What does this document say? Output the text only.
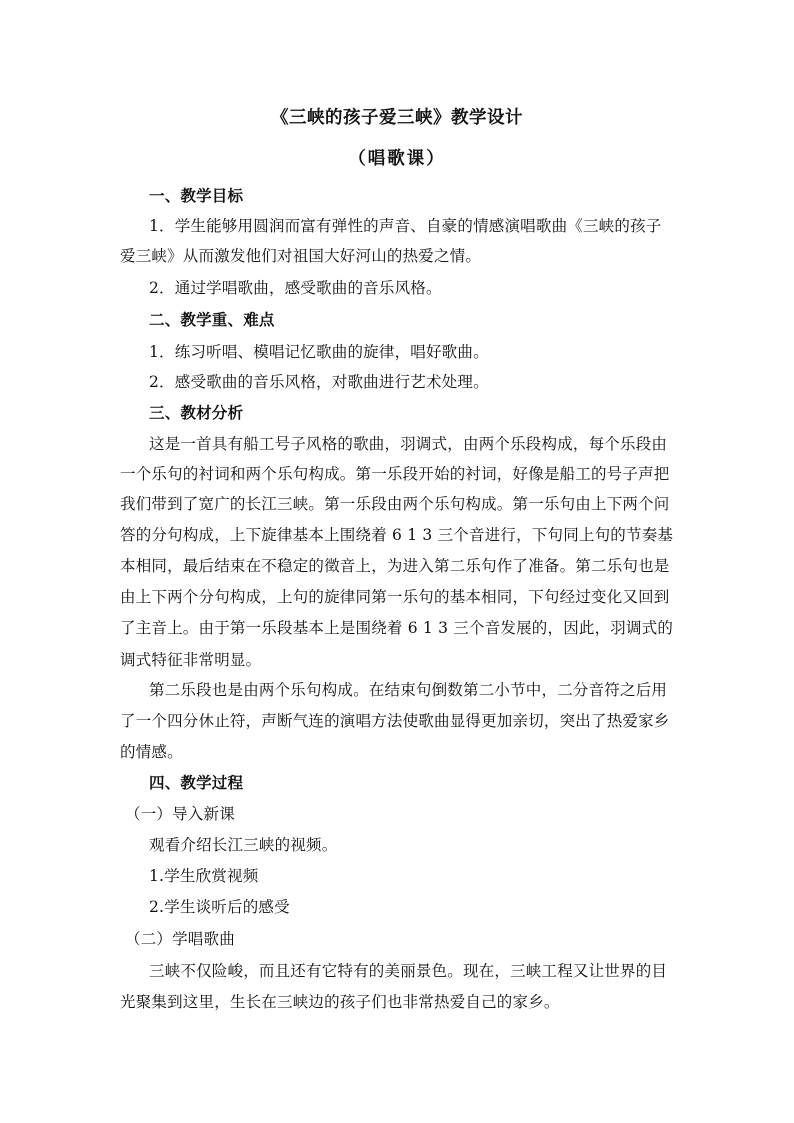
《三峡的孩子爱三峡》教学设计
（唱歌课）
一、教学目标
1．学生能够用圆润而富有弹性的声音、自豪的情感演唱歌曲《三峡的孩子
爱三峡》从而激发他们对祖国大好河山的热爱之情。
2．通过学唱歌曲，感受歌曲的音乐风格。
二、教学重、难点
1．练习听唱、模唱记忆歌曲的旋律，唱好歌曲。
2．感受歌曲的音乐风格，对歌曲进行艺术处理。
三、教材分析
这是一首具有船工号子风格的歌曲，羽调式，由两个乐段构成，每个乐段由
一个乐句的衬词和两个乐句构成。第一乐段开始的衬词，好像是船工的号子声把
我们带到了宽广的长江三峡。第一乐段由两个乐句构成。第一乐句由上下两个问
答的分句构成，上下旋律基本上围绕着 6 1 3 三个音进行，下句同上句的节奏基
本相同，最后结束在不稳定的徵音上，为进入第二乐句作了准备。第二乐句也是
由上下两个分句构成，上句的旋律同第一乐句的基本相同，下句经过变化又回到
了主音上。由于第一乐段基本上是围绕着 6 1 3 三个音发展的，因此，羽调式的
调式特征非常明显。
第二乐段也是由两个乐句构成。在结束句倒数第二小节中，二分音符之后用
了一个四分休止符，声断气连的演唱方法使歌曲显得更加亲切，突出了热爱家乡
的情感。
四、教学过程
（一）导入新课
观看介绍长江三峡的视频。
1.学生欣赏视频
2.学生谈听后的感受
（二）学唱歌曲
三峡不仅险峻，而且还有它特有的美丽景色。现在，三峡工程又让世界的目
光聚集到这里，生长在三峡边的孩子们也非常热爱自己的家乡。
